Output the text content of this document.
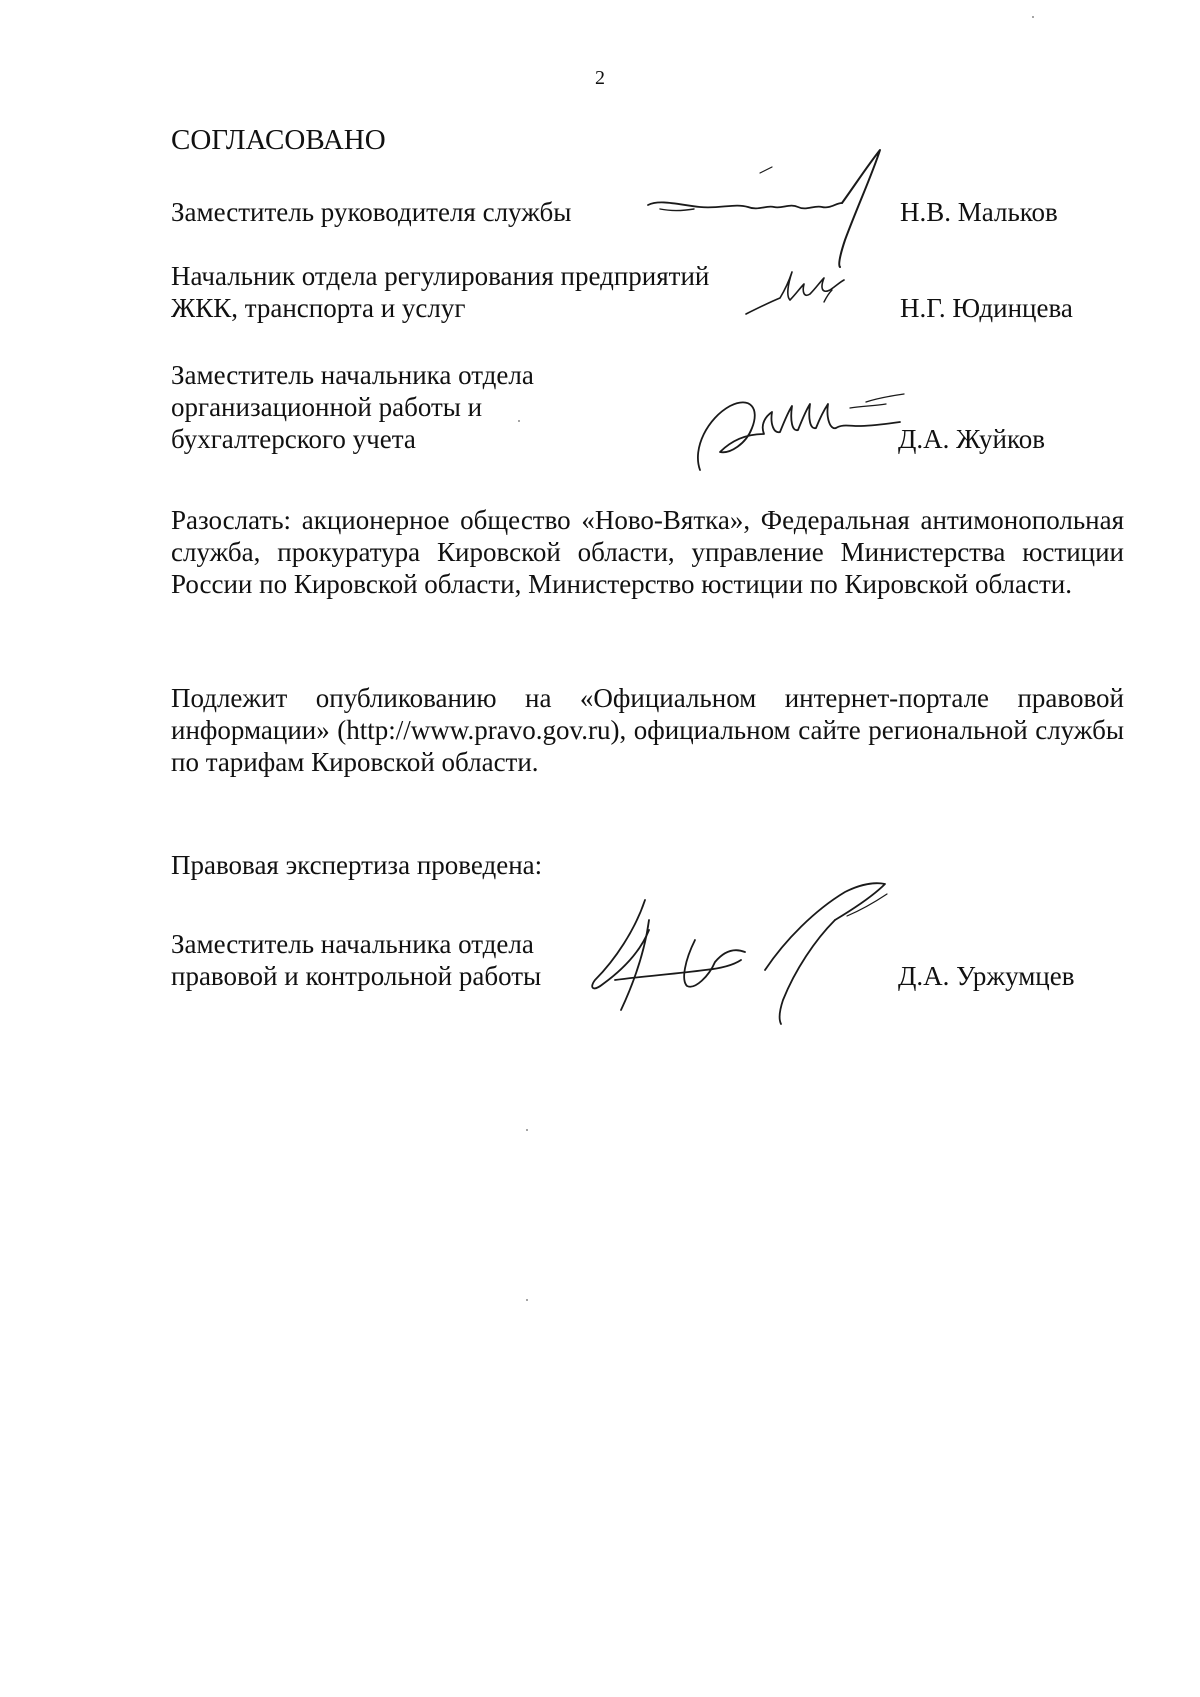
2
СОГЛАСОВАНО
Заместитель руководителя службы	Н.В. Мальков
Начальник отдела регулирования предприятий
ЖКК, транспорта и услуг	Н.Г. Юдинцева
Заместитель начальника отдела
организационной работы и
бухгалтерского учета	Д.А. Жуйков
Разослать: акционерное общество «Ново-Вятка», Федеральная антимонопольная служба, прокуратура Кировской области, управление Министерства юстиции России по Кировской области, Министерство юстиции по Кировской области.
Подлежит опубликованию на «Официальном интернет-портале правовой информации» (http://www.pravo.gov.ru), официальном сайте региональной службы по тарифам Кировской области.
Правовая экспертиза проведена:
Заместитель начальника отдела
правовой и контрольной работы	Д.А. Уржумцев
